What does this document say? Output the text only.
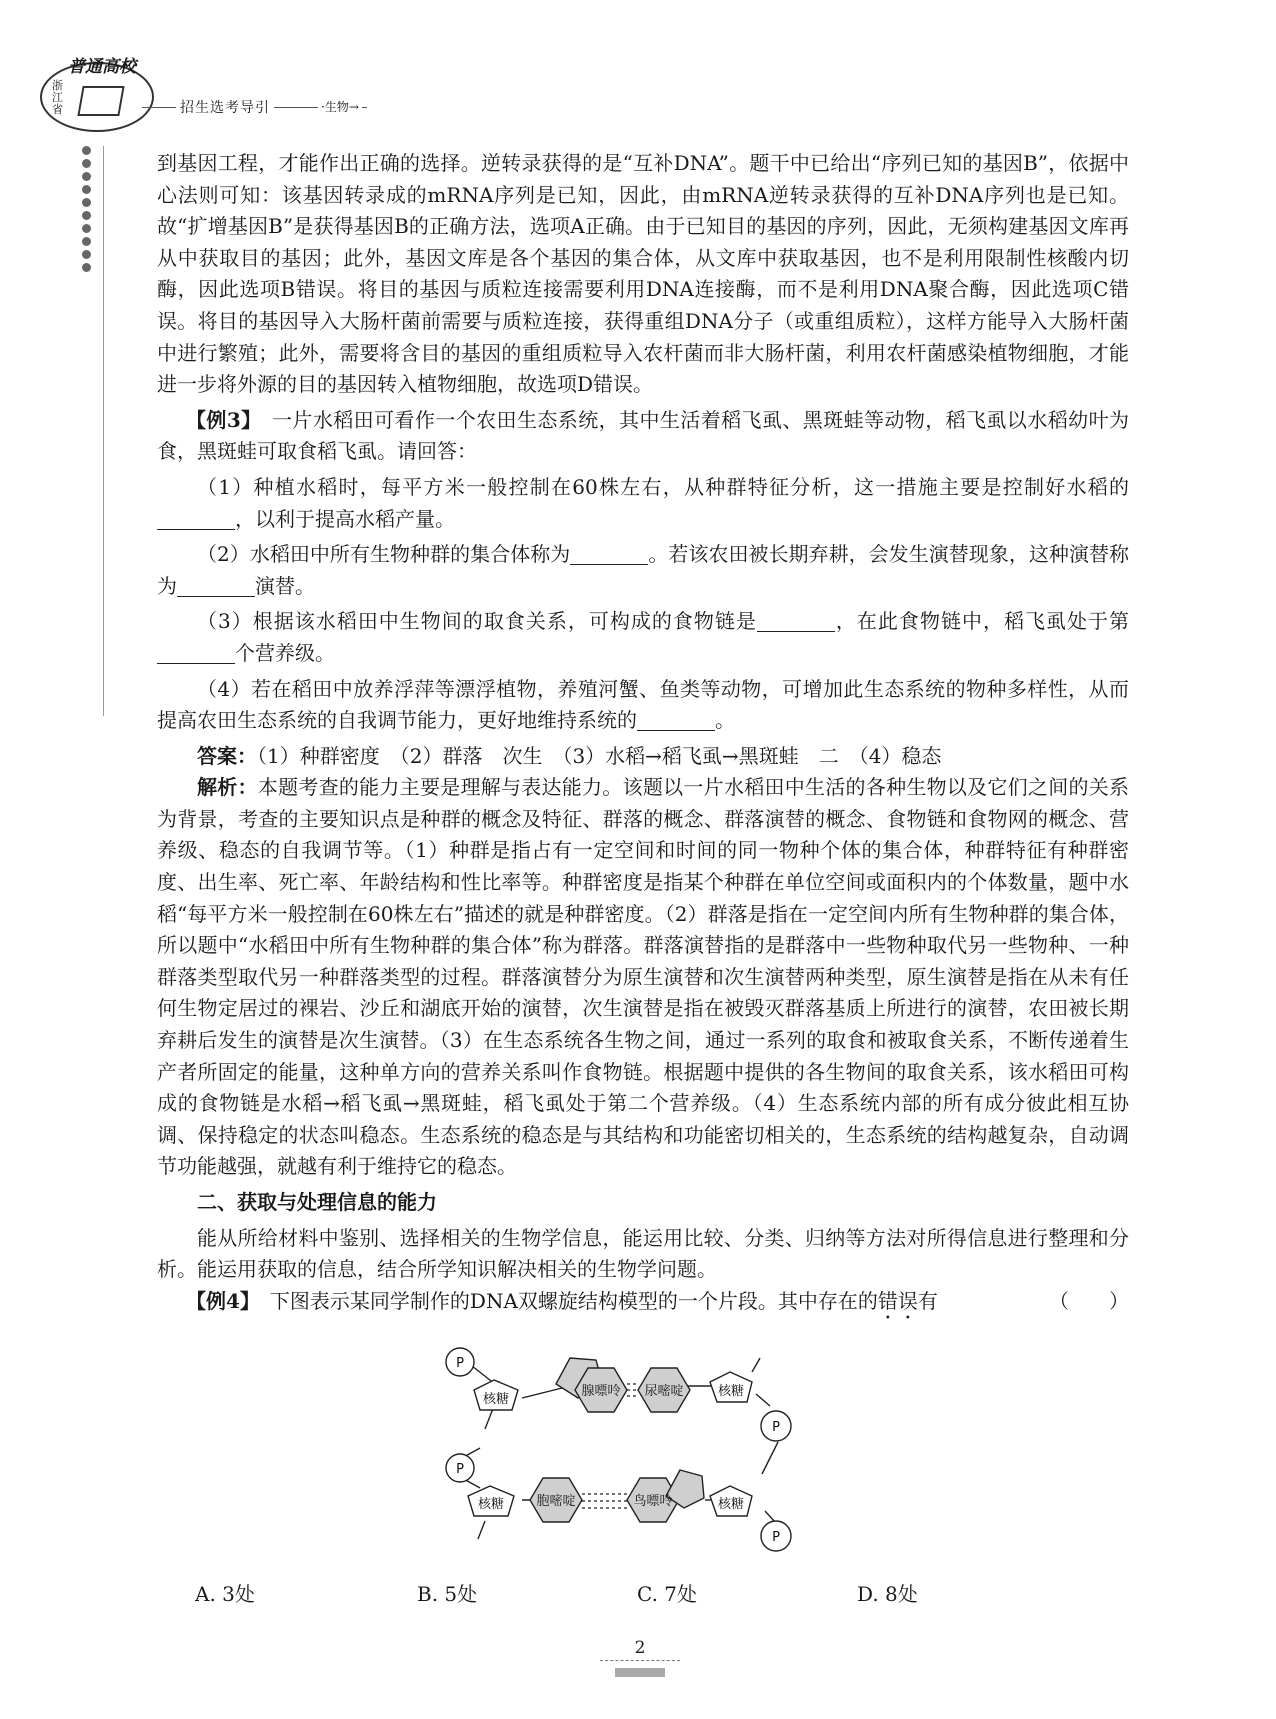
普通高校
浙江省	招生选考导引	·生物→

到基因工程，才能作出正确的选择。逆转录获得的是“互补DNA”。题干中已给出“序列已知的基因B”，依据中心法则可知：该基因转录成的mRNA序列是已知，因此，由mRNA逆转录获得的互补DNA序列也是已知。故“扩增基因B”是获得基因B的正确方法，选项A正确。由于已知目的基因的序列，因此，无须构建基因文库再从中获取目的基因；此外，基因文库是各个基因的集合体，从文库中获取基因，也不是利用限制性核酸内切酶，因此选项B错误。将目的基因与质粒连接需要利用DNA连接酶，而不是利用DNA聚合酶，因此选项C错误。将目的基因导入大肠杆菌前需要与质粒连接，获得重组DNA分子（或重组质粒），这样方能导入大肠杆菌中进行繁殖；此外，需要将含目的基因的重组质粒导入农杆菌而非大肠杆菌，利用农杆菌感染植物细胞，才能进一步将外源的目的基因转入植物细胞，故选项D错误。

【例3】　 一片水稻田可看作一个农田生态系统，其中生活着稻飞虱、黑斑蛙等动物，稻飞虱以水稻幼叶为食，黑斑蛙可取食稻飞虱。请回答：

（1）种植水稻时，每平方米一般控制在60株左右，从种群特征分析，这一措施主要是控制好水稻的，以利于提高水稻产量。

（2）水稻田中所有生物种群的集合体称为	。若该农田被长期弃耕，会发生演替现象，这种演替称为	演替。

（3）根据该水稻田中生物间的取食关系，可构成的食物链是	，在此食物链中，稻飞虱处于第个营养级。

（4）若在稻田中放养浮萍等漂浮植物，养殖河蟹、鱼类等动物，可增加此生态系统的物种多样性，从而提高农田生态系统的自我调节能力，更好地维持系统的	。

答案：（1）种群密度　（2）群落　次生　（3）水稻→稻飞虱→黑斑蛙　二　（4）稳态

解析：本题考查的能力主要是理解与表达能力。该题以一片水稻田中生活的各种生物以及它们之间的关系为背景，考查的主要知识点是种群的概念及特征、群落的概念、群落演替的概念、食物链和食物网的概念、营养级、稳态的自我调节等。（1）种群是指占有一定空间和时间的同一物种个体的集合体，种群特征有种群密度、出生率、死亡率、年龄结构和性比率等。种群密度是指某个种群在单位空间或面积内的个体数量，题中水稻“每平方米一般控制在60株左右”描述的就是种群密度。（2）群落是指在一定空间内所有生物种群的集合体，所以题中“水稻田中所有生物种群的集合体”称为群落。群落演替指的是群落中一些物种取代另一些物种、一种群落类型取代另一种群落类型的过程。群落演替分为原生演替和次生演替两种类型，原生演替是指在从未有任何生物定居过的裸岩、沙丘和湖底开始的演替，次生演替是指在被毁灭群落基质上所进行的演替，农田被长期弃耕后发生的演替是次生演替。（3）在生态系统各生物之间，通过一系列的取食和被取食关系，不断传递着生产者所固定的能量，这种单方向的营养关系叫作食物链。根据题中提供的各生物间的取食关系，该水稻田可构成的食物链是水稻→稻飞虱→黑斑蛙，稻飞虱处于第二个营养级。（4）生态系统内部的所有成分彼此相互协调、保持稳定的状态叫稳态。生态系统的稳态是与其结构和功能密切相关的，生态系统的结构越复杂，自动调节功能越强，就越有利于维持它的稳态。

二、获取与处理信息的能力

能从所给材料中鉴别、选择相关的生物学信息，能运用比较、分类、归纳等方法对所得信息进行整理和分析。能运用获取的信息，结合所学知识解决相关的生物学问题。

【例4】　 下图表示某同学制作的DNA双螺旋结构模型的一个片段。其中存在的错误有	（　　）

P
P
P
P
核糖
核糖
核糖
核糖
腺嘌呤 尿嘧啶
胞嘧啶	鸟嘌呤
A. 3处	B. 5处	C. 7处	D. 8处
2
